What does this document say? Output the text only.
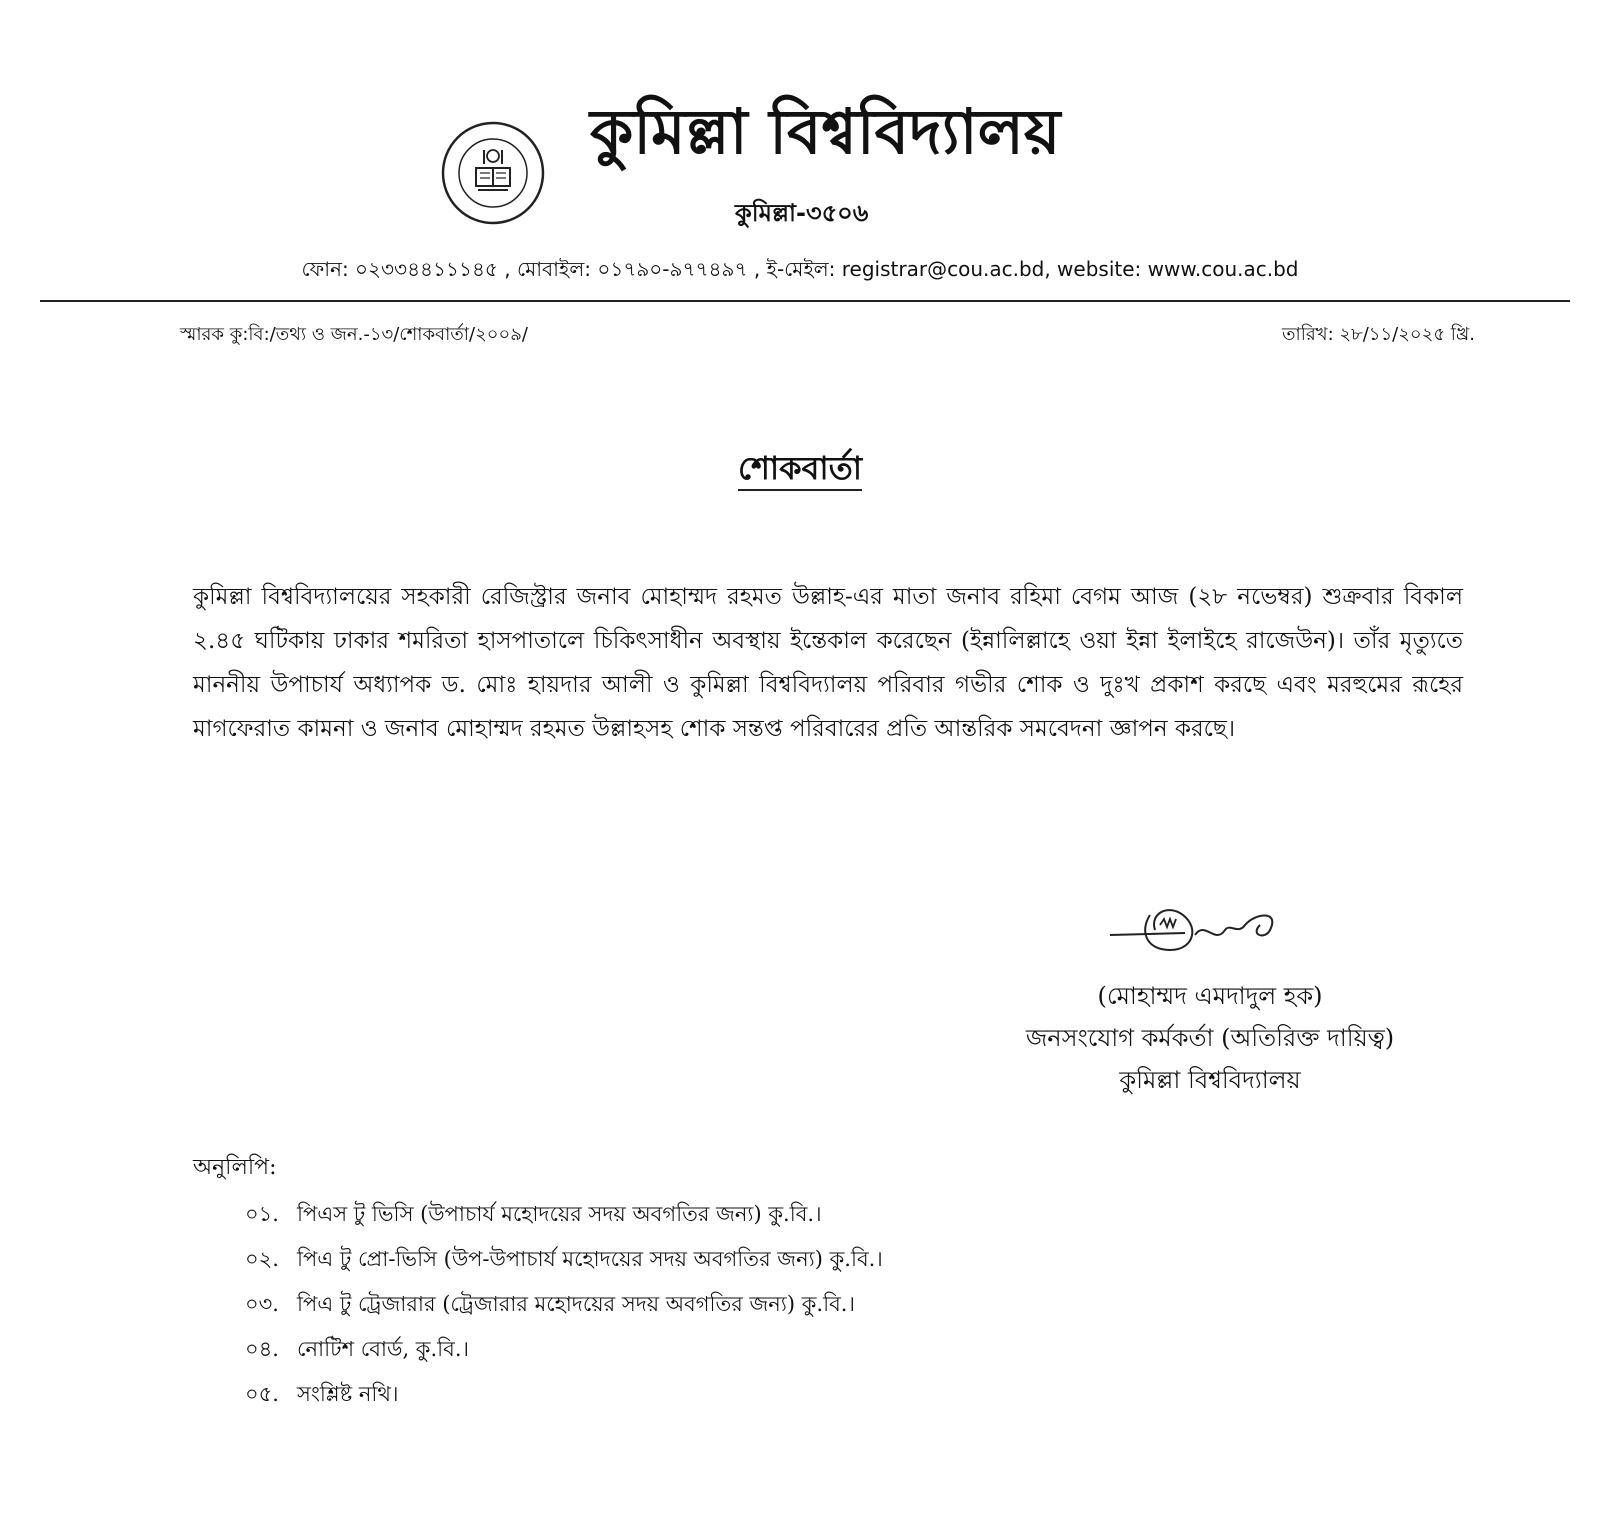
কুমিল্লা বিশ্ববিদ্যালয়
কুমিল্লা-৩৫০৬
ফোন: ০২৩৩৪৪১১১৪৫ , মোবাইল: ০১৭৯০-৯৭৭৪৯৭ , ই-মেইল: registrar@cou.ac.bd, website: www.cou.ac.bd
স্মারক কু:বি:/তথ্য ও জন.-১৩/শোকবার্তা/২০০৯/	তারিখ: ২৮/১১/২০২৫ খ্রি.
শোকবার্তা
কুমিল্লা বিশ্ববিদ্যালয়ের সহকারী রেজিস্ট্রার জনাব মোহাম্মদ রহমত উল্লাহ-এর মাতা জনাব রহিমা বেগম আজ (২৮ নভেম্বর) শুক্রবার বিকাল ২.৪৫ ঘটিকায় ঢাকার শমরিতা হাসপাতালে চিকিৎসাধীন অবস্থায় ইন্তেকাল করেছেন (ইন্নালিল্লাহে ওয়া ইন্না ইলাইহে রাজেউন)। তাঁর মৃত্যুতে মাননীয় উপাচার্য অধ্যাপক ড. মোঃ হায়দার আলী ও কুমিল্লা বিশ্ববিদ্যালয় পরিবার গভীর শোক ও দুঃখ প্রকাশ করছে এবং মরহুমের রূহের মাগফেরাত কামনা ও জনাব মোহাম্মদ রহমত উল্লাহসহ শোক সন্তপ্ত পরিবারের প্রতি আন্তরিক সমবেদনা জ্ঞাপন করছে।
(মোহাম্মদ এমদাদুল হক)
জনসংযোগ কর্মকর্তা (অতিরিক্ত দায়িত্ব)
কুমিল্লা বিশ্ববিদ্যালয়
অনুলিপি:
০১. পিএস টু ভিসি (উপাচার্য মহোদয়ের সদয় অবগতির জন্য) কু.বি.।
০২. পিএ টু প্রো-ভিসি (উপ-উপাচার্য মহোদয়ের সদয় অবগতির জন্য) কু.বি.।
০৩. পিএ টু ট্রেজারার (ট্রেজারার মহোদয়ের সদয় অবগতির জন্য) কু.বি.।
০৪. নোটিশ বোর্ড, কু.বি.।
০৫. সংশ্লিষ্ট নথি।
